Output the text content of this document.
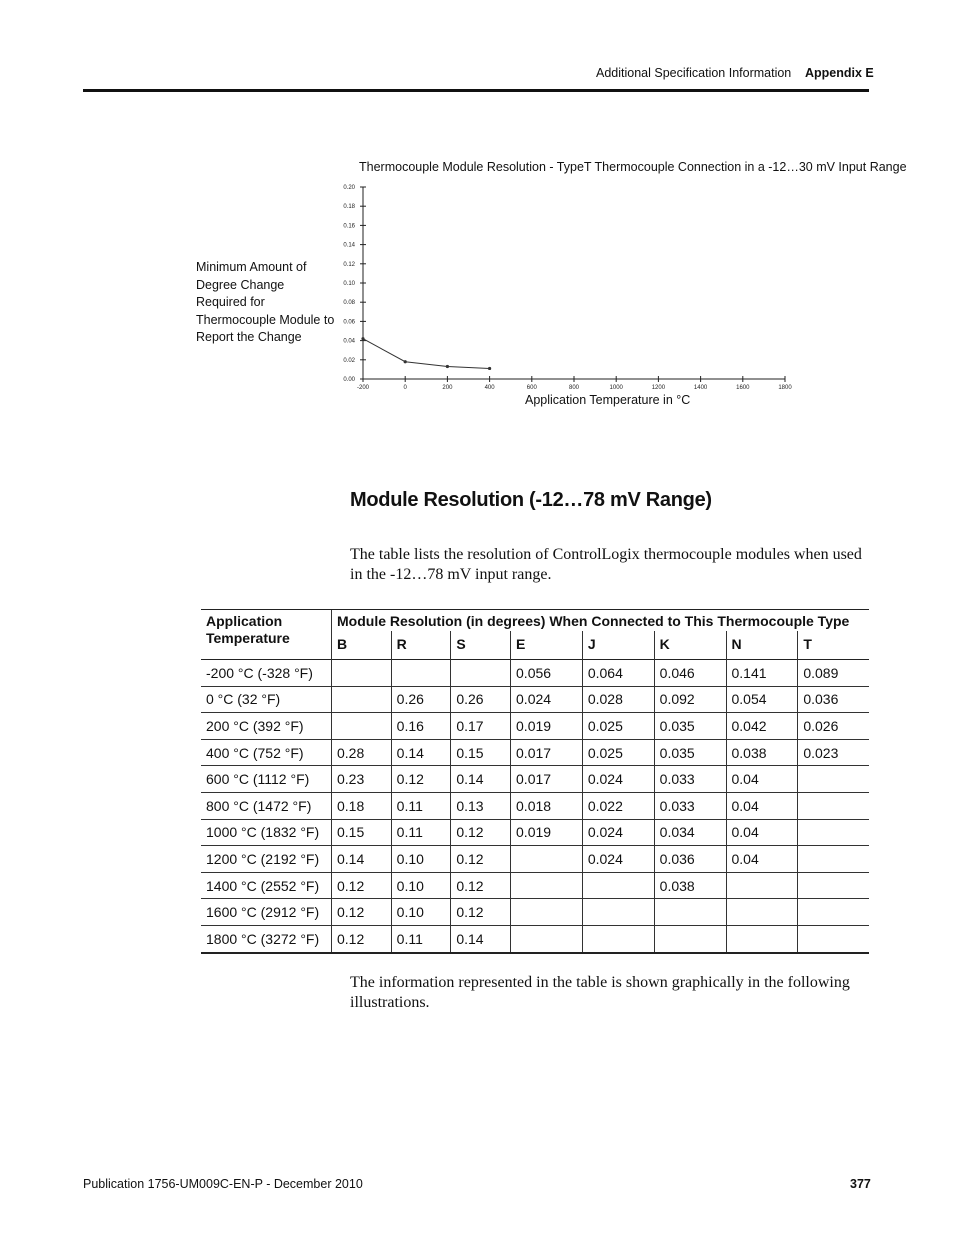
Additional Specification Information Appendix E
Thermocouple Module Resolution - TypeT Thermocouple Connection in a -12…30 mV Input Range
Minimum Amount of Degree Change Required for Thermocouple Module to Report the Change
0.00
0.02
0.04
0.06
0.08
0.10
0.12
0.14
0.16
0.18
0.20
-200	0	200	400	600	800	1000	1200	1400	1600	1800
Application Temperature in °C
Module Resolution (-12…78 mV Range)

The table lists the resolution of ControlLogix thermocouple modules when used in the -12…78 mV input range.

Application Temperature	Module Resolution (in degrees) When Connected to This Thermocouple Type							
	B	R	S	E	J	K	N	T
-200 °C (-328 °F)				0.056	0.064	0.046	0.141	0.089
0 °C (32 °F)		0.26	0.26	0.024	0.028	0.092	0.054	0.036
200 °C (392 °F)		0.16	0.17	0.019	0.025	0.035	0.042	0.026
400 °C (752 °F)	0.28	0.14	0.15	0.017	0.025	0.035	0.038	0.023
600 °C (1112 °F)	0.23	0.12	0.14	0.017	0.024	0.033	0.04	
800 °C (1472 °F)	0.18	0.11	0.13	0.018	0.022	0.033	0.04	
1000 °C (1832 °F)	0.15	0.11	0.12	0.019	0.024	0.034	0.04	
1200 °C (2192 °F)	0.14	0.10	0.12		0.024	0.036	0.04	
1400 °C (2552 °F)	0.12	0.10	0.12			0.038		
1600 °C (2912 °F)	0.12	0.10	0.12					
1800 °C (3272 °F)	0.12	0.11	0.14					

The information represented in the table is shown graphically in the following illustrations.

Publication 1756-UM009C-EN-P - December 2010	377
